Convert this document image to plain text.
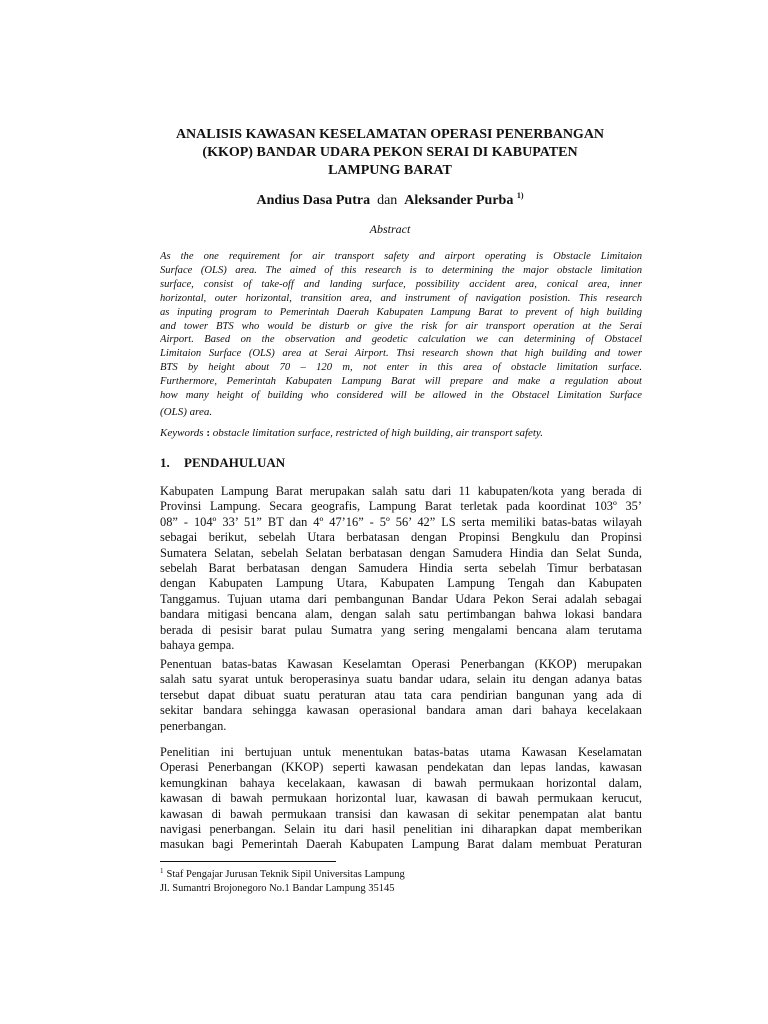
ANALISIS KAWASAN KESELAMATAN OPERASI PENERBANGAN
(KKOP) BANDAR UDARA PEKON SERAI DI KABUPATEN
LAMPUNG BARAT
Andius Dasa Putra dan Aleksander Purba $^{1)}$
Abstract
As the one requirement for air transport safety and airport operating is Obstacle Limitaion
Surface (OLS) area. The aimed of this research is to determining the major obstacle limitation
surface, consist of take-off and landing surface, possibility accident area, conical area, inner
horizontal, outer horizontal, transition area, and instrument of navigation posistion. This research
as inputing program to Pemerintah Daerah Kabupaten Lampung Barat to prevent of high building
and tower BTS who would be disturb or give the risk for air transport operation at the Serai
Airport. Based on the observation and geodetic calculation we can determining of Obstacel
Limitaion Surface (OLS) area at Serai Airport. Thsi research shown that high building and tower
BTS by height about 70 – 120 m, not enter in this area of obstacle limitation surface.
Furthermore, Pemerintah Kabupaten Lampung Barat will prepare and make a regulation about
how many height of building who considered will be allowed in the Obstacel Limitation Surface
(OLS) area.
Keywords : obstacle limitation surface, restricted of high building, air transport safety.
1. PENDAHULUAN
Kabupaten Lampung Barat merupakan salah satu dari 11 kabupaten/kota yang berada di
Provinsi Lampung. Secara geografis, Lampung Barat terletak pada koordinat 103º 35’
08” - 104º 33’ 51” BT dan 4º 47’16” - 5º 56’ 42” LS serta memiliki batas-batas wilayah
sebagai berikut, sebelah Utara berbatasan dengan Propinsi Bengkulu dan Propinsi
Sumatera Selatan, sebelah Selatan berbatasan dengan Samudera Hindia dan Selat Sunda,
sebelah Barat berbatasan dengan Samudera Hindia serta sebelah Timur berbatasan
dengan Kabupaten Lampung Utara, Kabupaten Lampung Tengah dan Kabupaten
Tanggamus. Tujuan utama dari pembangunan Bandar Udara Pekon Serai adalah sebagai
bandara mitigasi bencana alam, dengan salah satu pertimbangan bahwa lokasi bandara
berada di pesisir barat pulau Sumatra yang sering mengalami bencana alam terutama
bahaya gempa.
Penentuan batas-batas Kawasan Keselamtan Operasi Penerbangan (KKOP) merupakan
salah satu syarat untuk beroperasinya suatu bandar udara, selain itu dengan adanya batas
tersebut dapat dibuat suatu peraturan atau tata cara pendirian bangunan yang ada di
sekitar bandara sehingga kawasan operasional bandara aman dari bahaya kecelakaan
penerbangan.
Penelitian ini bertujuan untuk menentukan batas-batas utama Kawasan Keselamatan
Operasi Penerbangan (KKOP) seperti kawasan pendekatan dan lepas landas, kawasan
kemungkinan bahaya kecelakaan, kawasan di bawah permukaan horizontal dalam,
kawasan di bawah permukaan horizontal luar, kawasan di bawah permukaan kerucut,
kawasan di bawah permukaan transisi dan kawasan di sekitar penempatan alat bantu
navigasi penerbangan. Selain itu dari hasil penelitian ini diharapkan dapat memberikan
masukan bagi Pemerintah Daerah Kabupaten Lampung Barat dalam membuat Peraturan
$^1$ Staf Pengajar Jurusan Teknik Sipil Universitas Lampung
Jl. Sumantri Brojonegoro No.1 Bandar Lampung 35145
